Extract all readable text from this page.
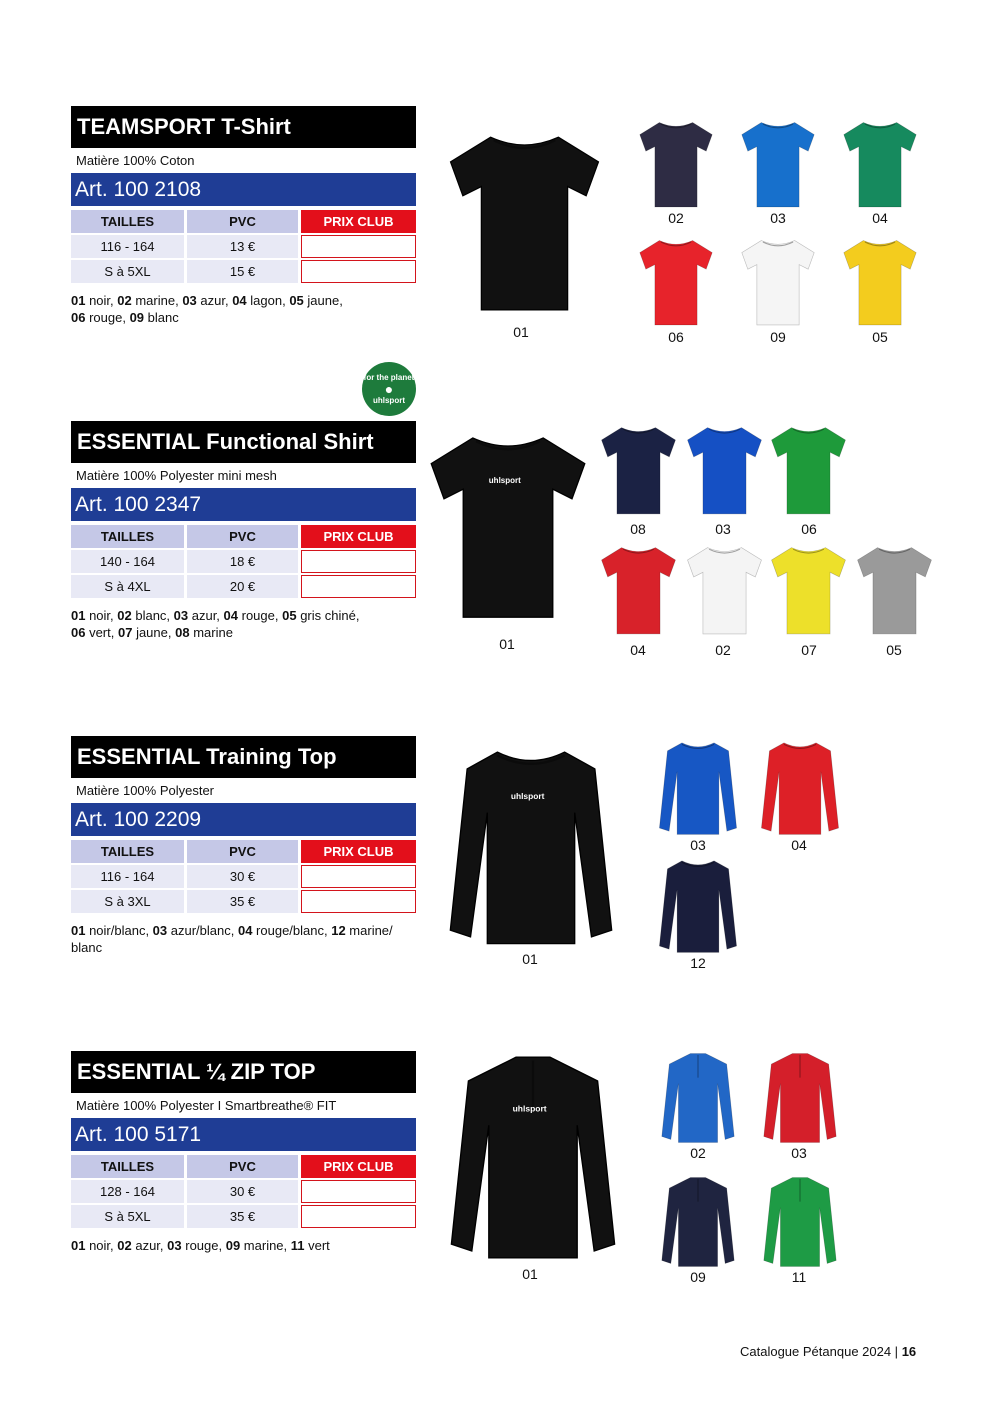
TEAMSPORT T-Shirt
Matière 100% Coton
Art. 100 2108
TAILLES	PVC	PRIX CLUB
116 - 164	13 €
S à 5XL	15 €
01 noir, 02 marine, 03 azur, 04 lagon, 05 jaune,
06 rouge, 09 blanc
ESSENTIAL Functional Shirt
Matière 100% Polyester mini mesh
Art. 100 2347
TAILLES	PVC	PRIX CLUB
140 - 164	18 €
S à 4XL	20 €
01 noir, 02 blanc, 03 azur, 04 rouge, 05 gris chiné,
06 vert, 07 jaune, 08 marine
ESSENTIAL Training Top
Matière 100% Polyester
Art. 100 2209
TAILLES	PVC	PRIX CLUB
116 - 164	30 €
S à 3XL	35 €
01 noir/blanc, 03 azur/blanc, 04 rouge/blanc, 12 marine/ blanc
ESSENTIAL ¼ ZIP TOP
Matière 100% Polyester I Smartbreathe® FIT
Art. 100 5171
TAILLES	PVC	PRIX CLUB
128 - 164	30 €
S à 5XL	35 €
01 noir, 02 azur, 03 rouge, 09 marine, 11 vert
for the planet
●
uhlsport
01
02	03	04
06	09	05
uhlsport
01
08	03	06
04	02	07	05
uhlsport
01
03	04
12
uhlsport
01
02	03
09	11
Catalogue Pétanque 2024 | 16
